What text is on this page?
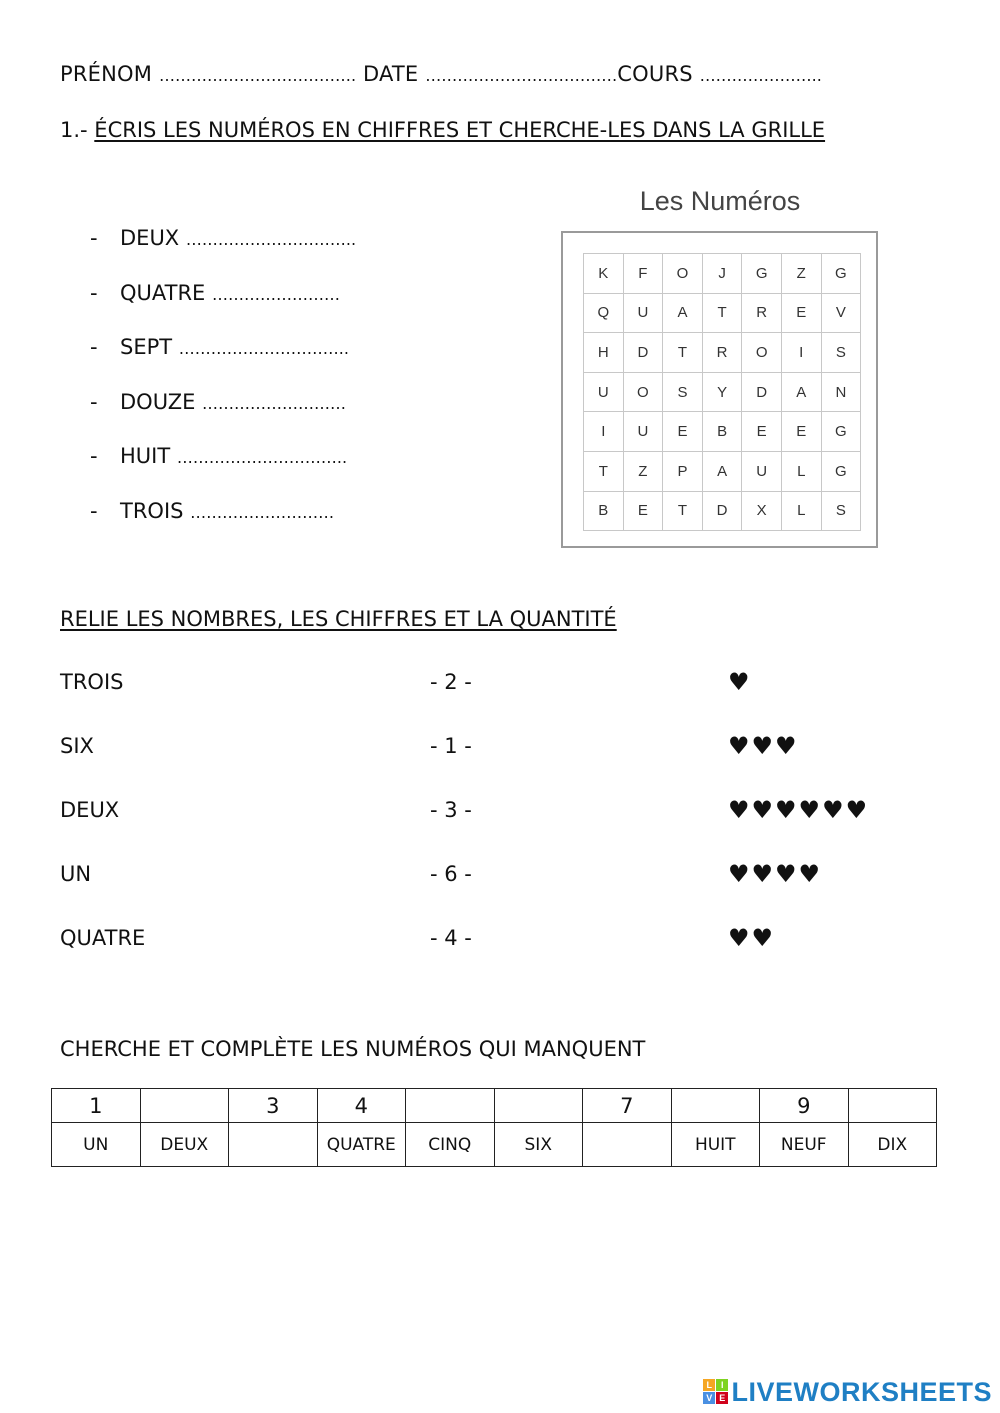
PRÉNOM ………………………………. DATE ………………………………COURS …………………..
1.- ÉCRIS LES NUMÉROS EN CHIFFRES ET CHERCHE-LES DANS LA GRILLE
- DEUX …………………………..
- QUATRE ……………………
- SEPT …………………………..
- DOUZE ………………………
- HUIT …………………………..
- TROIS ………………………
Les Numéros
K	F	O	J	G	Z	G
Q	U	A	T	R	E	V
H	D	T	R	O	I	S
U	O	S	Y	D	A	N
I	U	E	B	E	E	G
T	Z	P	A	U	L	G
B	E	T	D	X	L	S
RELIE LES NOMBRES, LES CHIFFRES ET LA QUANTITÉ
TROIS	- 2 -	♥
SIX	- 1 -	♥♥♥
DEUX	- 3 -	♥♥♥♥♥♥
UN	- 6 -	♥♥♥♥
QUATRE	- 4 -	♥♥
CHERCHE ET COMPLÈTE LES NUMÉROS QUI MANQUENT
1		3	4			7		9	
UN	DEUX		QUATRE	CINQ	SIX		HUIT	NEUF	DIX
L I
V E LIVEWORKSHEETS
